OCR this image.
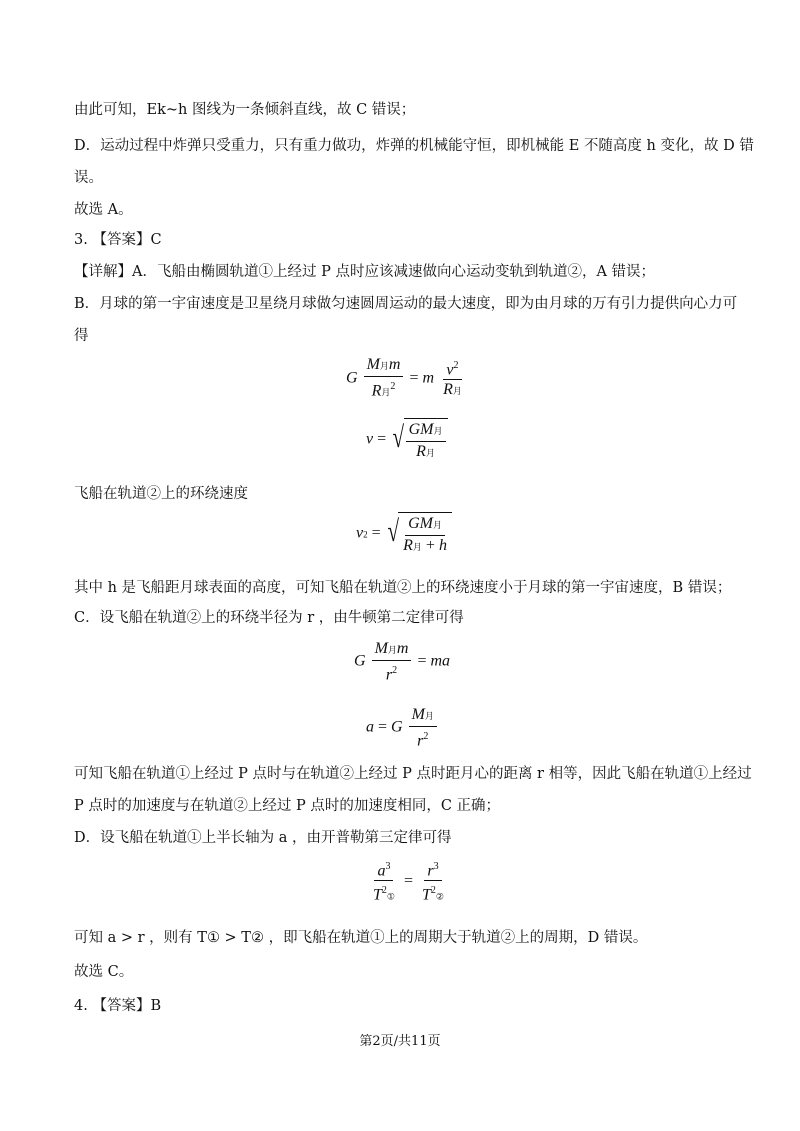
由此可知，Ek~h 图线为一条倾斜直线，故 C 错误；
D．运动过程中炸弹只受重力，只有重力做功，炸弹的机械能守恒，即机械能 E 不随高度 h 变化，故 D 错
误。
故选 A。
3. 【答案】C
【详解】A．飞船由椭圆轨道①上经过 P 点时应该减速做向心运动变轨到轨道②，A 错误；
B．月球的第一宇宙速度是卫星绕月球做匀速圆周运动的最大速度，即为由月球的万有引力提供向心力可
得
G $\frac{\text{M月m}}{R月^2} = m \frac{v^2}{\text{R月}}$
v = √ $\frac{\text{GM月}}{\text{R月}}$
飞船在轨道②上的环绕速度
v2 = √ $\frac{\text{GM月}}{\text{R月 + h}}$
其中 h 是飞船距月球表面的高度，可知飞船在轨道②上的环绕速度小于月球的第一宇宙速度，B 错误；
C．设飞船在轨道②上的环绕半径为 r ，由牛顿第二定律可得
G $\frac{\text{M月m}}{r^2}$ = ma
a = G $\frac{\text{M月}}{r^2}$
可知飞船在轨道①上经过 P 点时与在轨道②上经过 P 点时距月心的距离 r 相等，因此飞船在轨道①上经过
P 点时的加速度与在轨道②上经过 P 点时的加速度相同，C 正确；
D．设飞船在轨道①上半长轴为 a ，由开普勒第三定律可得
$\frac{a^3}{T^2①} = \frac{r^3}{T^2②}$
可知 a > r ，则有 T① > T② ，即飞船在轨道①上的周期大于轨道②上的周期，D 错误。
故选 C。
4. 【答案】B
第2页/共11页
